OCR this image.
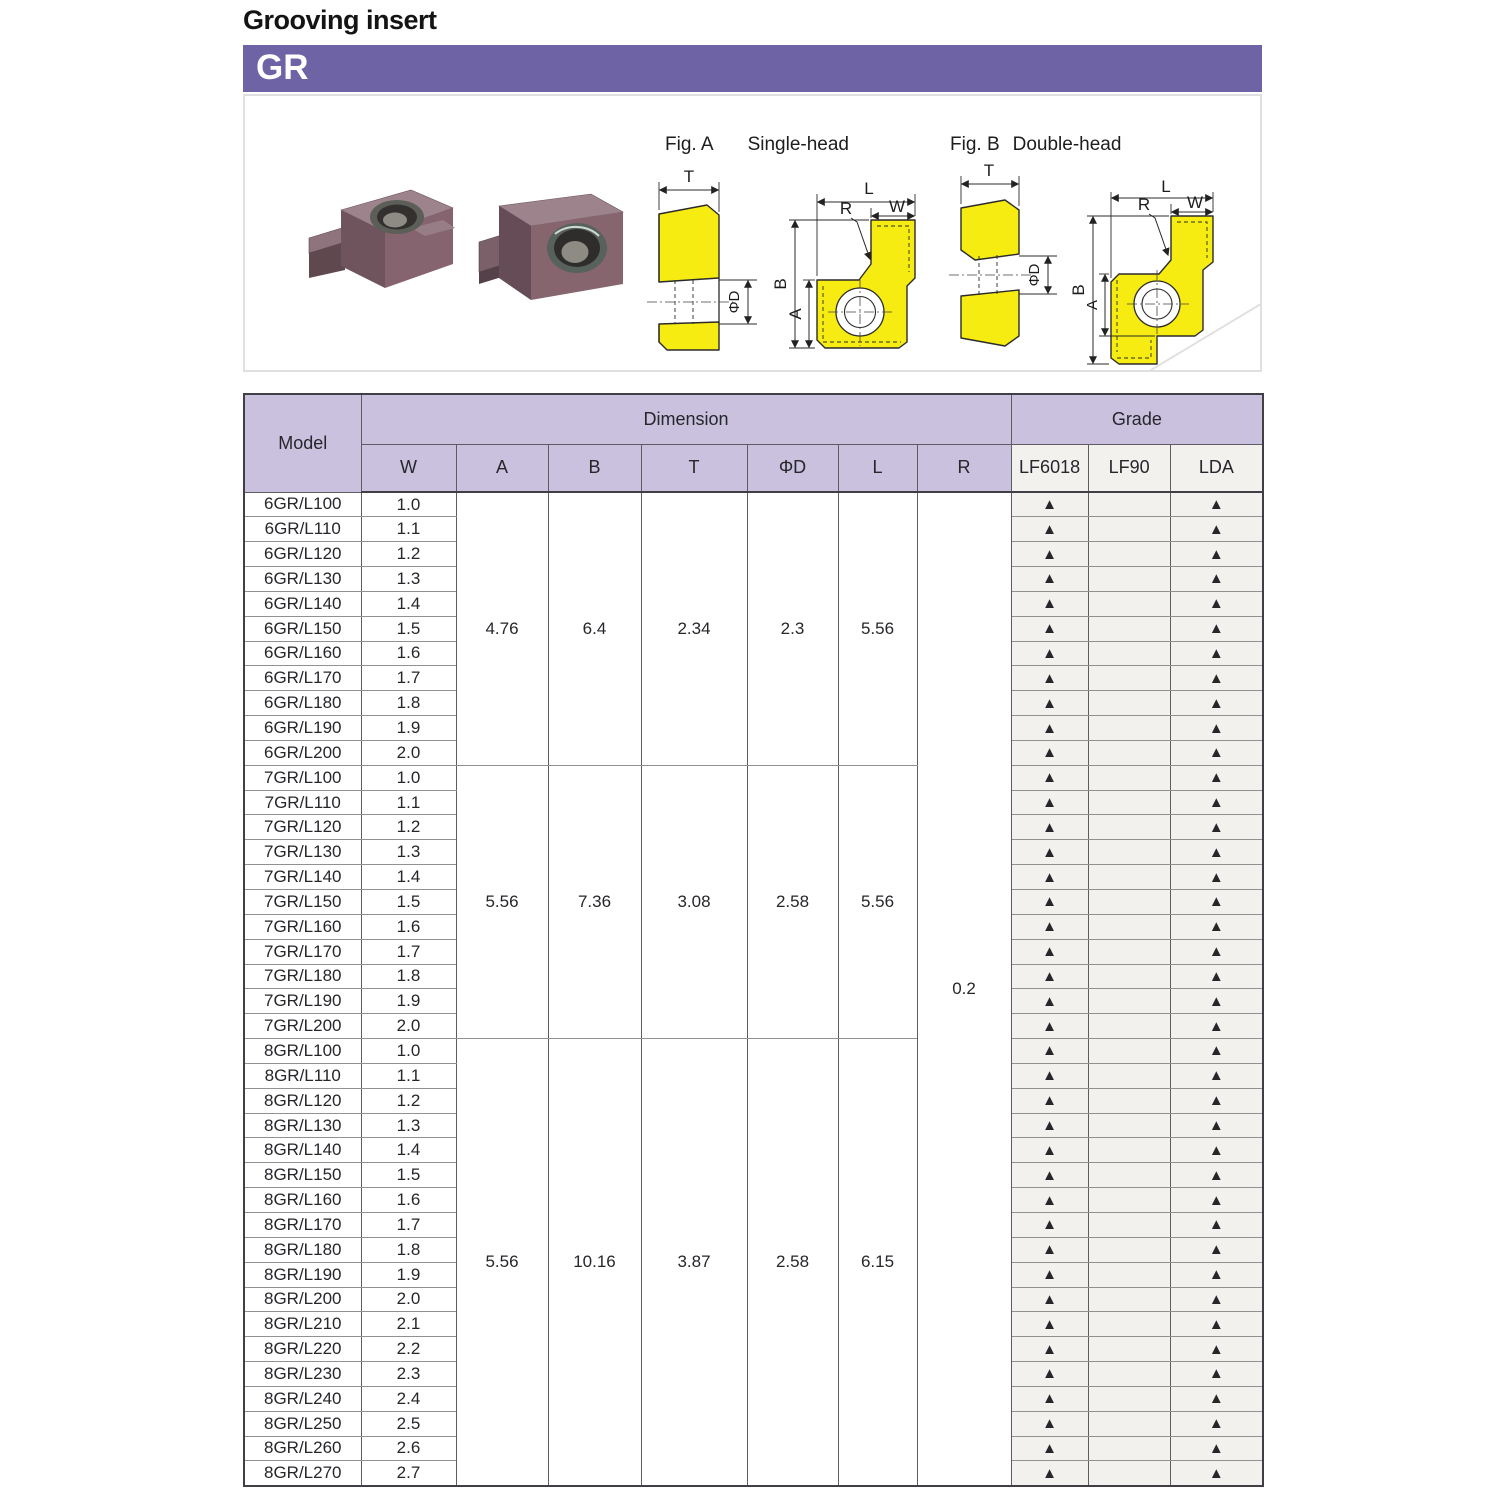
Grooving insert
GR
Fig. A Single-head	Fig. B Double-head
T
ΦD
L
W
R
B
A
T
ΦD
L
W
R
B
A
Model	Dimension							Grade		
	W	A	B	T	ΦD	L	R	LF6018	LF90	LDA
6GR/L100	1.0	4.76	6.4	2.34	2.3	5.56	0.2	▲		▲
6GR/L110	1.1							▲		▲
6GR/L120	1.2							▲		▲
6GR/L130	1.3							▲		▲
6GR/L140	1.4							▲		▲
6GR/L150	1.5							▲		▲
6GR/L160	1.6							▲		▲
6GR/L170	1.7							▲		▲
6GR/L180	1.8							▲		▲
6GR/L190	1.9							▲		▲
6GR/L200	2.0							▲		▲
7GR/L100	1.0	5.56	7.36	3.08	2.58	5.56		▲		▲
7GR/L110	1.1							▲		▲
7GR/L120	1.2							▲		▲
7GR/L130	1.3							▲		▲
7GR/L140	1.4							▲		▲
7GR/L150	1.5							▲		▲
7GR/L160	1.6							▲		▲
7GR/L170	1.7							▲		▲
7GR/L180	1.8							▲		▲
7GR/L190	1.9							▲		▲
7GR/L200	2.0							▲		▲
8GR/L100	1.0	5.56	10.16	3.87	2.58	6.15		▲		▲
8GR/L110	1.1							▲		▲
8GR/L120	1.2							▲		▲
8GR/L130	1.3							▲		▲
8GR/L140	1.4							▲		▲
8GR/L150	1.5							▲		▲
8GR/L160	1.6							▲		▲
8GR/L170	1.7							▲		▲
8GR/L180	1.8							▲		▲
8GR/L190	1.9							▲		▲
8GR/L200	2.0							▲		▲
8GR/L210	2.1							▲		▲
8GR/L220	2.2							▲		▲
8GR/L230	2.3							▲		▲
8GR/L240	2.4							▲		▲
8GR/L250	2.5							▲		▲
8GR/L260	2.6							▲		▲
8GR/L270	2.7							▲		▲
